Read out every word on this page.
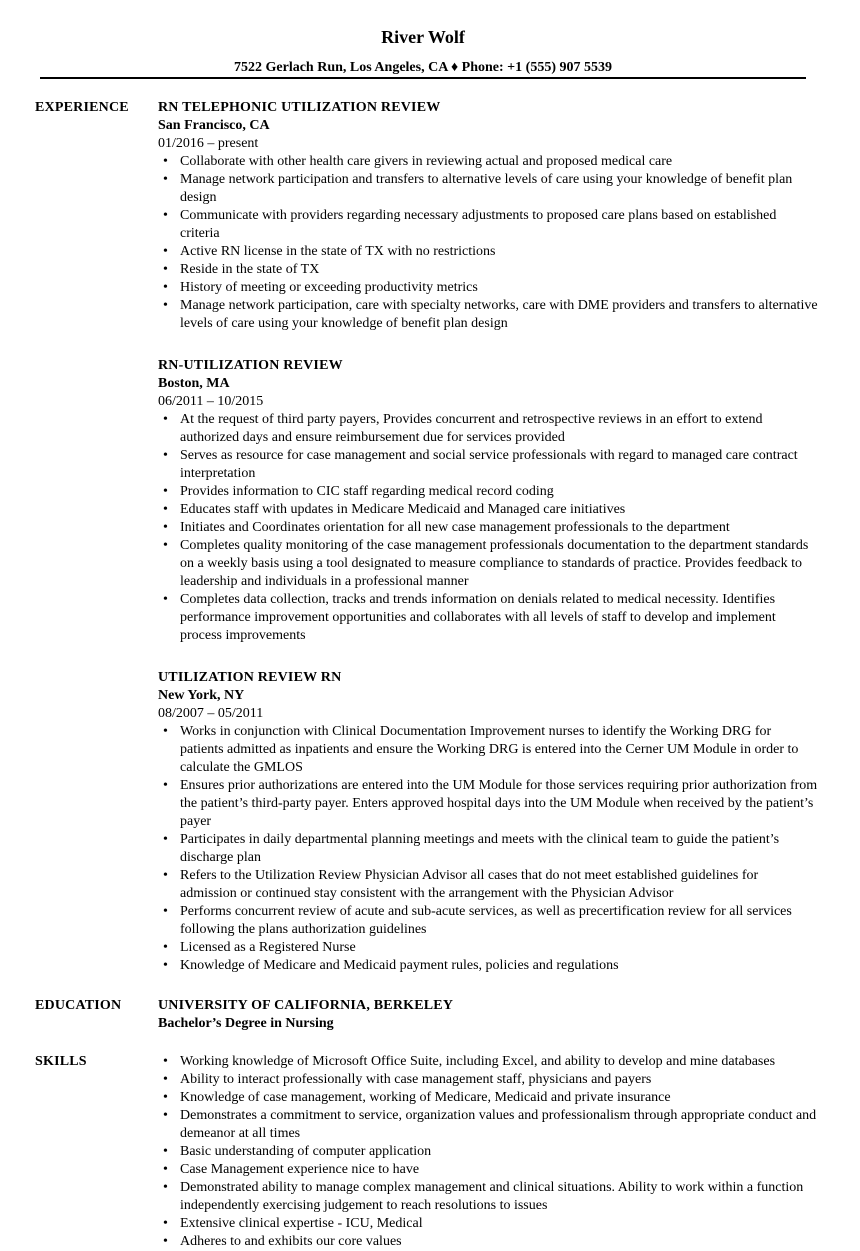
River Wolf
7522 Gerlach Run, Los Angeles, CA ♦ Phone: +1 (555) 907 5539
EXPERIENCE RN TELEPHONIC UTILIZATION REVIEW
San Francisco, CA
01/2016 – present
• Collaborate with other health care givers in reviewing actual and proposed medical care
• Manage network participation and transfers to alternative levels of care using your knowledge of benefit plan design
• Communicate with providers regarding necessary adjustments to proposed care plans based on established criteria
• Active RN license in the state of TX with no restrictions
• Reside in the state of TX
• History of meeting or exceeding productivity metrics
• Manage network participation, care with specialty networks, care with DME providers and transfers to alternative levels of care using your knowledge of benefit plan design
RN-UTILIZATION REVIEW
Boston, MA
06/2011 – 10/2015
• At the request of third party payers, Provides concurrent and retrospective reviews in an effort to extend authorized days and ensure reimbursement due for services provided
• Serves as resource for case management and social service professionals with regard to managed care contract interpretation
• Provides information to CIC staff regarding medical record coding
• Educates staff with updates in Medicare Medicaid and Managed care initiatives
• Initiates and Coordinates orientation for all new case management professionals to the department
• Completes quality monitoring of the case management professionals documentation to the department standards on a weekly basis using a tool designated to measure compliance to standards of practice. Provides feedback to leadership and individuals in a professional manner
• Completes data collection, tracks and trends information on denials related to medical necessity. Identifies performance improvement opportunities and collaborates with all levels of staff to develop and implement process improvements
UTILIZATION REVIEW RN
New York, NY
08/2007 – 05/2011
• Works in conjunction with Clinical Documentation Improvement nurses to identify the Working DRG for patients admitted as inpatients and ensure the Working DRG is entered into the Cerner UM Module in order to calculate the GMLOS
• Ensures prior authorizations are entered into the UM Module for those services requiring prior authorization from the patient’s third-party payer. Enters approved hospital days into the UM Module when received by the patient’s payer
• Participates in daily departmental planning meetings and meets with the clinical team to guide the patient’s discharge plan
• Refers to the Utilization Review Physician Advisor all cases that do not meet established guidelines for admission or continued stay consistent with the arrangement with the Physician Advisor
• Performs concurrent review of acute and sub-acute services, as well as precertification review for all services following the plans authorization guidelines
• Licensed as a Registered Nurse
• Knowledge of Medicare and Medicaid payment rules, policies and regulations
EDUCATION	UNIVERSITY OF CALIFORNIA, BERKELEY
Bachelor’s Degree in Nursing
SKILLS
•	Working knowledge of Microsoft Office Suite, including Excel, and ability to develop and mine databases
• Ability to interact professionally with case management staff, physicians and payers
• Knowledge of case management, working of Medicare, Medicaid and private insurance
• Demonstrates a commitment to service, organization values and professionalism through appropriate conduct and demeanor at all times
• Basic understanding of computer application
• Case Management experience nice to have
• Demonstrated ability to manage complex management and clinical situations. Ability to work within a function independently exercising judgement to reach resolutions to issues
• Extensive clinical expertise - ICU, Medical
• Adheres to and exhibits our core values
